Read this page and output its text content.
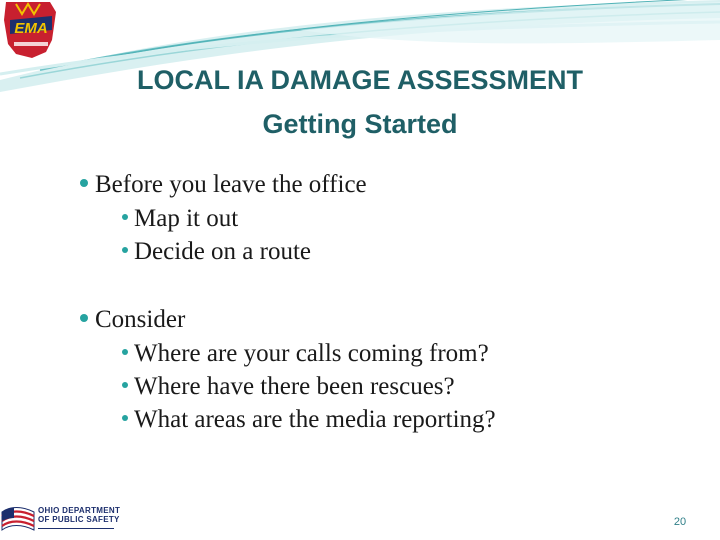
EMA
LOCAL IA DAMAGE ASSESSMENT
Getting Started
Before you leave the office
Map it out
Decide on a route
Consider
Where are your calls coming from?
Where have there been rescues?
What areas are the media reporting?
OHIO DEPARTMENT
OF PUBLIC SAFETY	20
